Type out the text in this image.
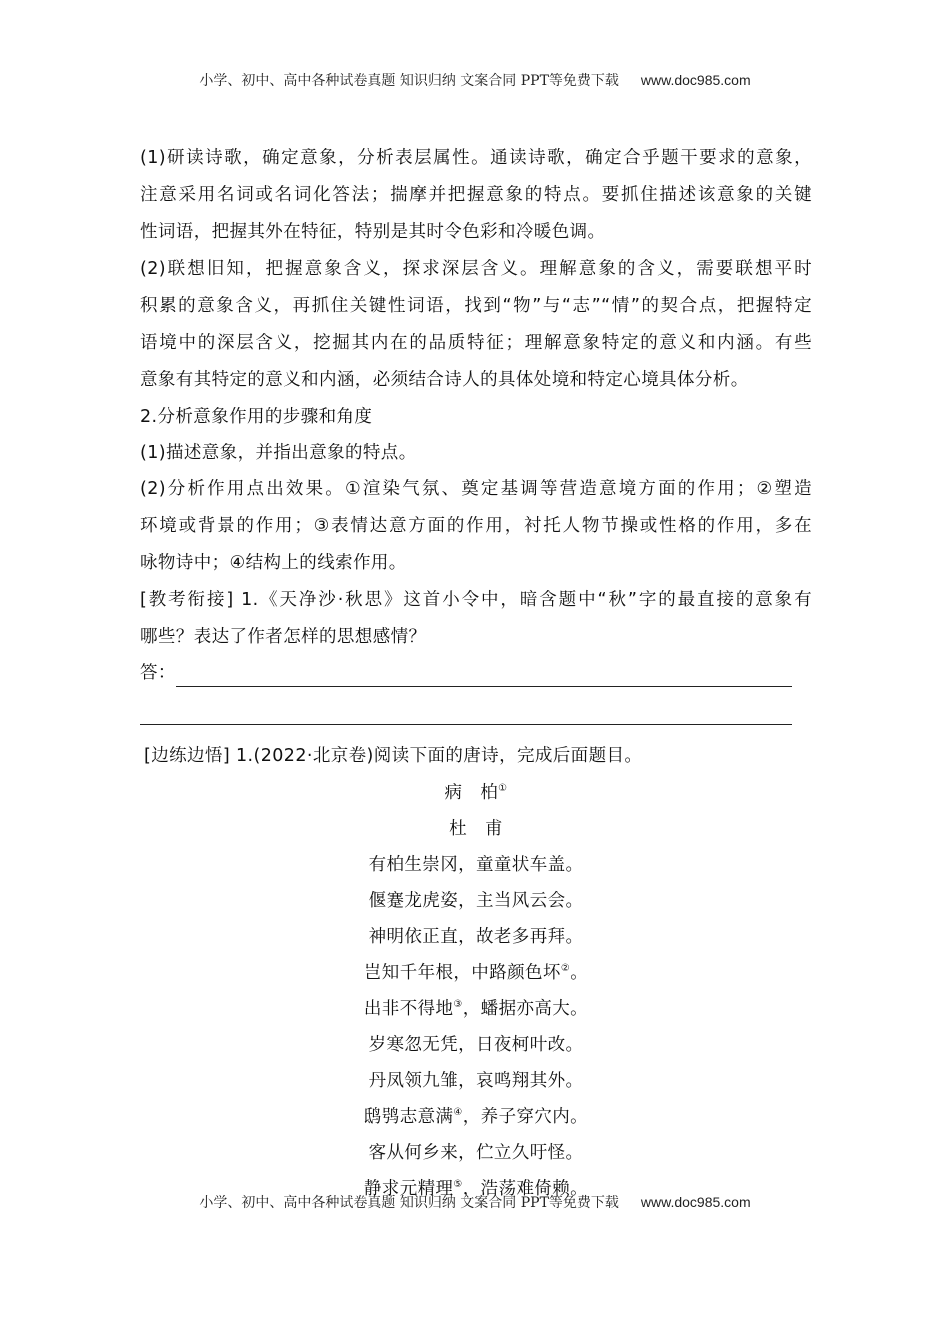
小学、初中、高中各种试卷真题 知识归纳 文案合同 PPT等免费下载 www.doc985.com

(1)研读诗歌，确定意象，分析表层属性。通读诗歌，确定合乎题干要求的意象，

注意采用名词或名词化答法；揣摩并把握意象的特点。要抓住描述该意象的关键

性词语，把握其外在特征，特别是其时令色彩和冷暖色调。

(2)联想旧知，把握意象含义，探求深层含义。理解意象的含义，需要联想平时

积累的意象含义，再抓住关键性词语，找到“物”与“志”“情”的契合点，把握特定

语境中的深层含义，挖掘其内在的品质特征；理解意象特定的意义和内涵。有些

意象有其特定的意义和内涵，必须结合诗人的具体处境和特定心境具体分析。

2.分析意象作用的步骤和角度

(1)描述意象，并指出意象的特点。

(2)分析作用点出效果。①渲染气氛、奠定基调等营造意境方面的作用；②塑造

环境或背景的作用；③表情达意方面的作用，衬托人物节操或性格的作用，多在

咏物诗中；④结构上的线索作用。

[教考衔接] 1.《天净沙·秋思》这首小令中，暗含题中“秋”字的最直接的意象有

哪些？表达了作者怎样的思想感情？

答：

[边练边悟] 1.(2022·北京卷)阅读下面的唐诗，完成后面题目。

病　柏①

杜　甫

有柏生崇冈，童童状车盖。

偃蹇龙虎姿，主当风云会。

神明依正直，故老多再拜。

岂知千年根，中路颜色坏②。

出非不得地③，蟠据亦高大。

岁寒忽无凭，日夜柯叶改。

丹凤领九雏，哀鸣翔其外。

鸱鸮志意满④，养子穿穴内。

客从何乡来，伫立久吁怪。

静求元精理⑤，浩荡难倚赖。

小学、初中、高中各种试卷真题 知识归纳 文案合同 PPT等免费下载 www.doc985.com
